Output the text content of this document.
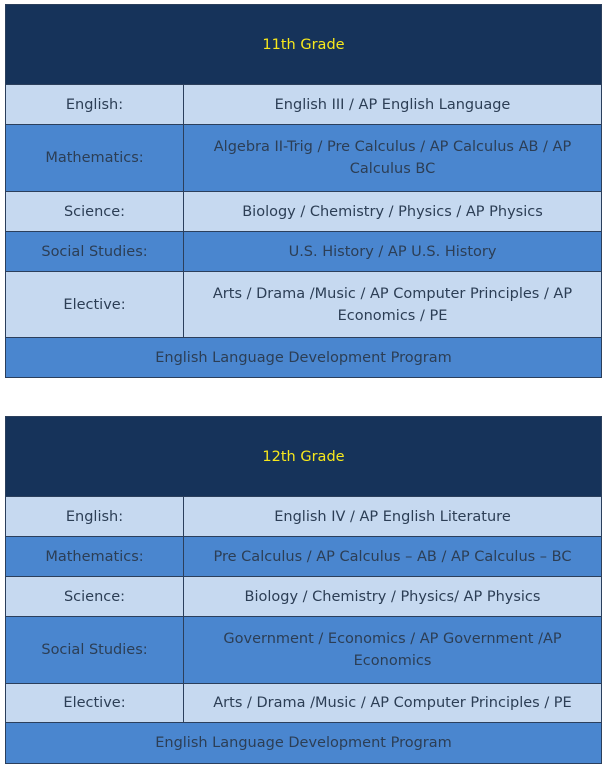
11th Grade	
English:	English III / AP English Language
Mathematics:	Algebra II-Trig / Pre Calculus / AP Calculus AB / AP Calculus BC
Science:	Biology / Chemistry / Physics / AP Physics
Social Studies:	U.S. History / AP U.S. History
Elective:	Arts / Drama /Music / AP Computer Principles / AP Economics / PE
English Language Development Program	
12th Grade	
English:	English IV / AP English Literature
Mathematics:	Pre Calculus / AP Calculus – AB / AP Calculus – BC
Science:	Biology / Chemistry / Physics/ AP Physics
Social Studies:	Government / Economics / AP Government /AP Economics
Elective:	Arts / Drama /Music / AP Computer Principles / PE
English Language Development Program	
